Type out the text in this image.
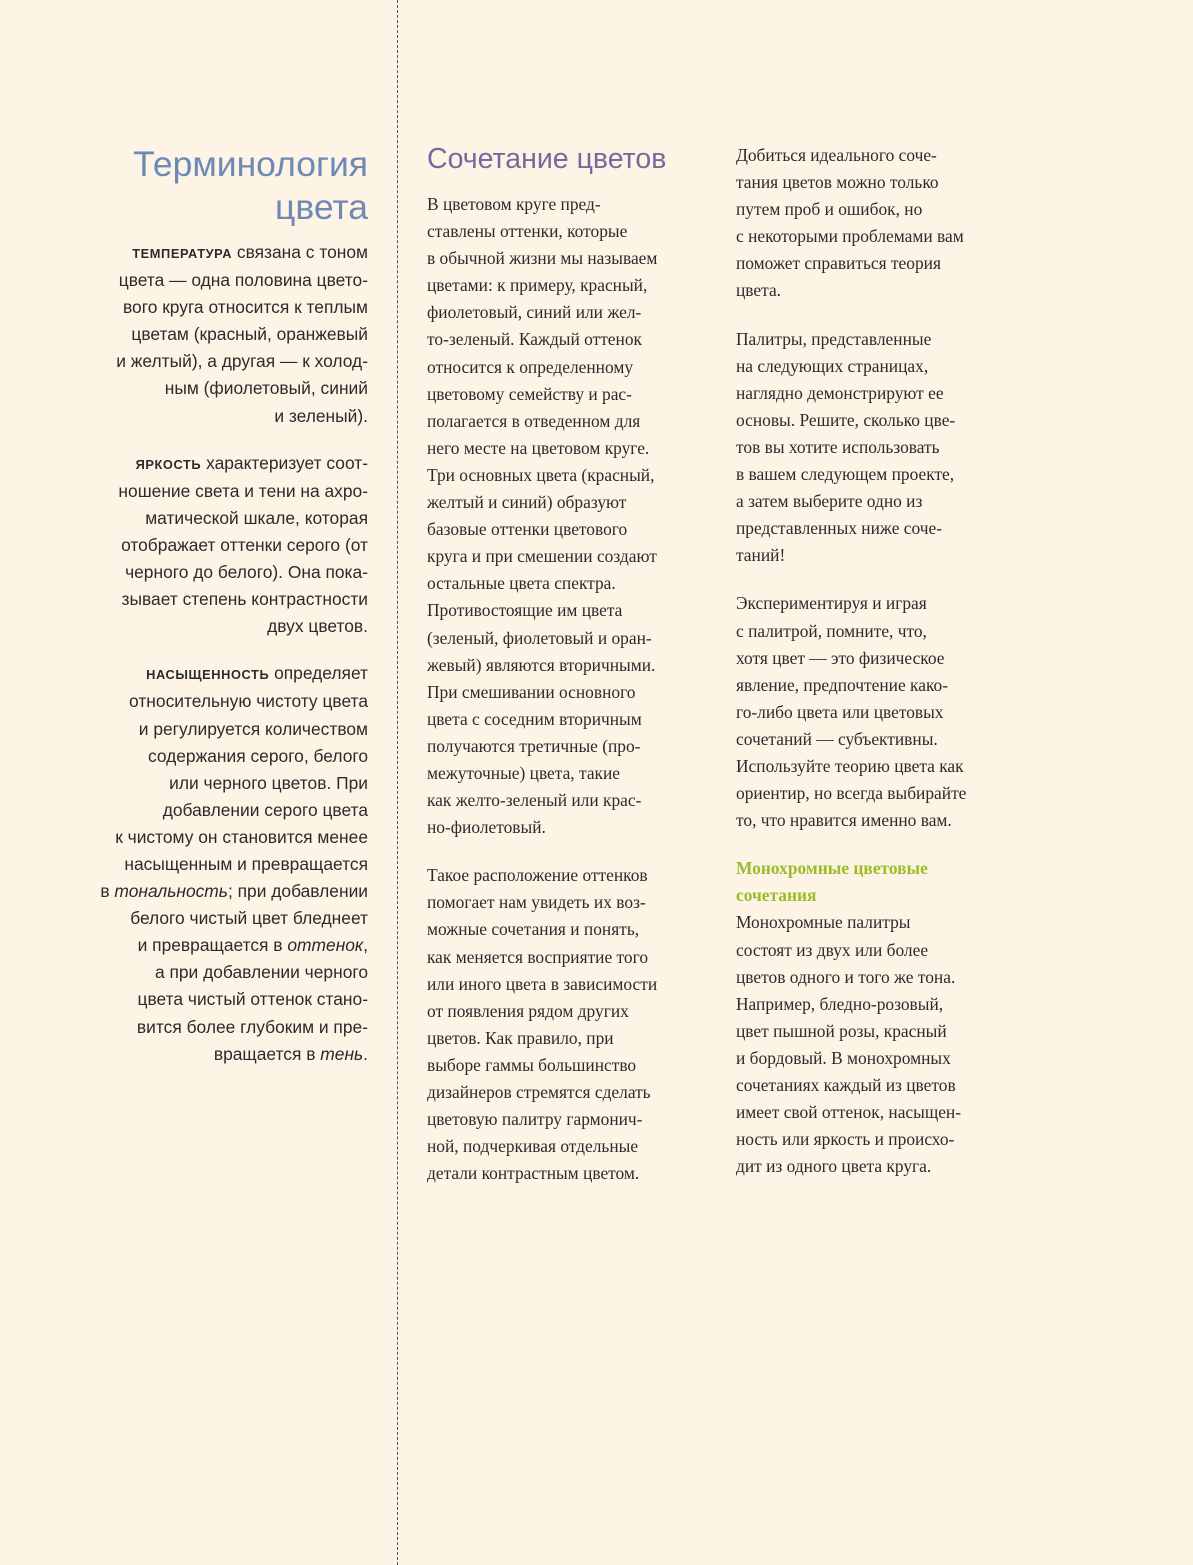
Терминология
цвета
ТЕМПЕРАТУРА связана с тоном
цвета — одна половина цвето-
вого круга относится к теплым
цветам (красный, оранжевый
и желтый), а другая — к холод-
ным (фиолетовый, синий
и зеленый).
ЯРКОСТЬ характеризует соот-
ношение света и тени на ахро-
матической шкале, которая
отображает оттенки серого (от
черного до белого). Она пока-
зывает степень контрастности
двух цветов.
НАСЫЩЕННОСТЬ определяет
относительную чистоту цвета
и регулируется количеством
содержания серого, белого
или черного цветов. При
добавлении серого цвета
к чистому он становится менее
насыщенным и превращается
в тональность; при добавлении
белого чистый цвет бледнеет
и превращается в оттенок,
а при добавлении черного
цвета чистый оттенок стано-
вится более глубоким и пре-
вращается в тень.
Сочетание цветов
В цветовом круге пред-
ставлены оттенки, которые
в обычной жизни мы называем
цветами: к примеру, красный,
фиолетовый, синий или жел-
то-зеленый. Каждый оттенок
относится к определенному
цветовому семейству и рас-
полагается в отведенном для
него месте на цветовом круге.
Три основных цвета (красный,
желтый и синий) образуют
базовые оттенки цветового
круга и при смешении создают
остальные цвета спектра.
Противостоящие им цвета
(зеленый, фиолетовый и оран-
жевый) являются вторичными.
При смешивании основного
цвета с соседним вторичным
получаются третичные (про-
межуточные) цвета, такие
как желто-зеленый или крас-
но-фиолетовый.
Такое расположение оттенков
помогает нам увидеть их воз-
можные сочетания и понять,
как меняется восприятие того
или иного цвета в зависимости
от появления рядом других
цветов. Как правило, при
выборе гаммы большинство
дизайнеров стремятся сделать
цветовую палитру гармонич-
ной, подчеркивая отдельные
детали контрастным цветом.
Добиться идеального соче-
тания цветов можно только
путем проб и ошибок, но
с некоторыми проблемами вам
поможет справиться теория
цвета.
Палитры, представленные
на следующих страницах,
наглядно демонстрируют ее
основы. Решите, сколько цве-
тов вы хотите использовать
в вашем следующем проекте,
а затем выберите одно из
представленных ниже соче-
таний!
Экспериментируя и играя
с палитрой, помните, что,
хотя цвет — это физическое
явление, предпочтение како-
го-либо цвета или цветовых
сочетаний — субъективны.
Используйте теорию цвета как
ориентир, но всегда выбирайте
то, что нравится именно вам.
Монохромные цветовые
сочетания
Монохромные палитры
состоят из двух или более
цветов одного и того же тона.
Например, бледно-розовый,
цвет пышной розы, красный
и бордовый. В монохромных
сочетаниях каждый из цветов
имеет свой оттенок, насыщен-
ность или яркость и происхо-
дит из одного цвета круга.
